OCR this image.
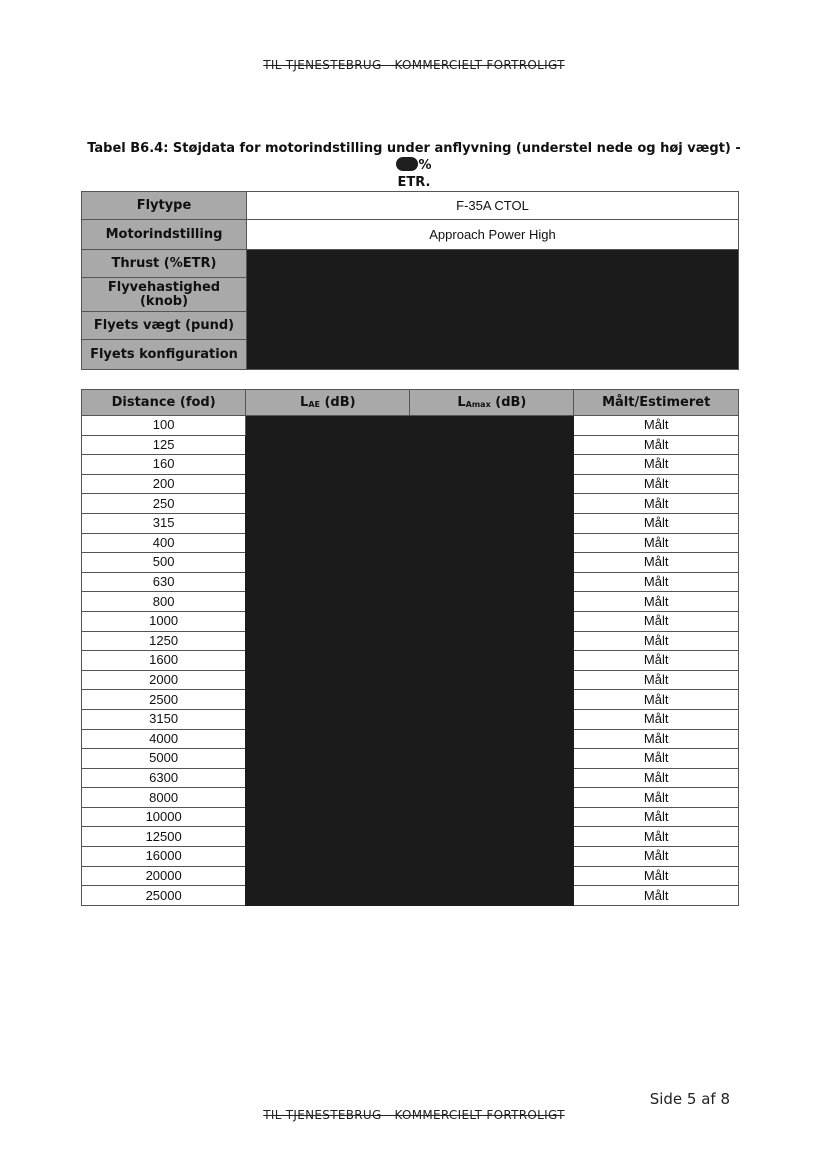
TIL TJENESTEBRUG - KOMMERCIELT FORTROLIGT
Tabel B6.4: Støjdata for motorindstilling under anflyvning (understel nede og høj vægt) - %
ETR.
Flytype	F-35A CTOL
Motorindstilling	Approach Power High
Thrust (%ETR)	
Flyvehastighed (knob)	
Flyets vægt (pund)	
Flyets konfiguration	
Distance (fod)	LAE (dB)	LAmax (dB)	Målt/Estimeret
100			Målt
125			Målt
160			Målt
200			Målt
250			Målt
315			Målt
400			Målt
500			Målt
630			Målt
800			Målt
1000			Målt
1250			Målt
1600			Målt
2000			Målt
2500			Målt
3150			Målt
4000			Målt
5000			Målt
6300			Målt
8000			Målt
10000			Målt
12500			Målt
16000			Målt
20000			Målt
25000			Målt
Side 5 af 8
TIL TJENESTEBRUG - KOMMERCIELT FORTROLIGT
